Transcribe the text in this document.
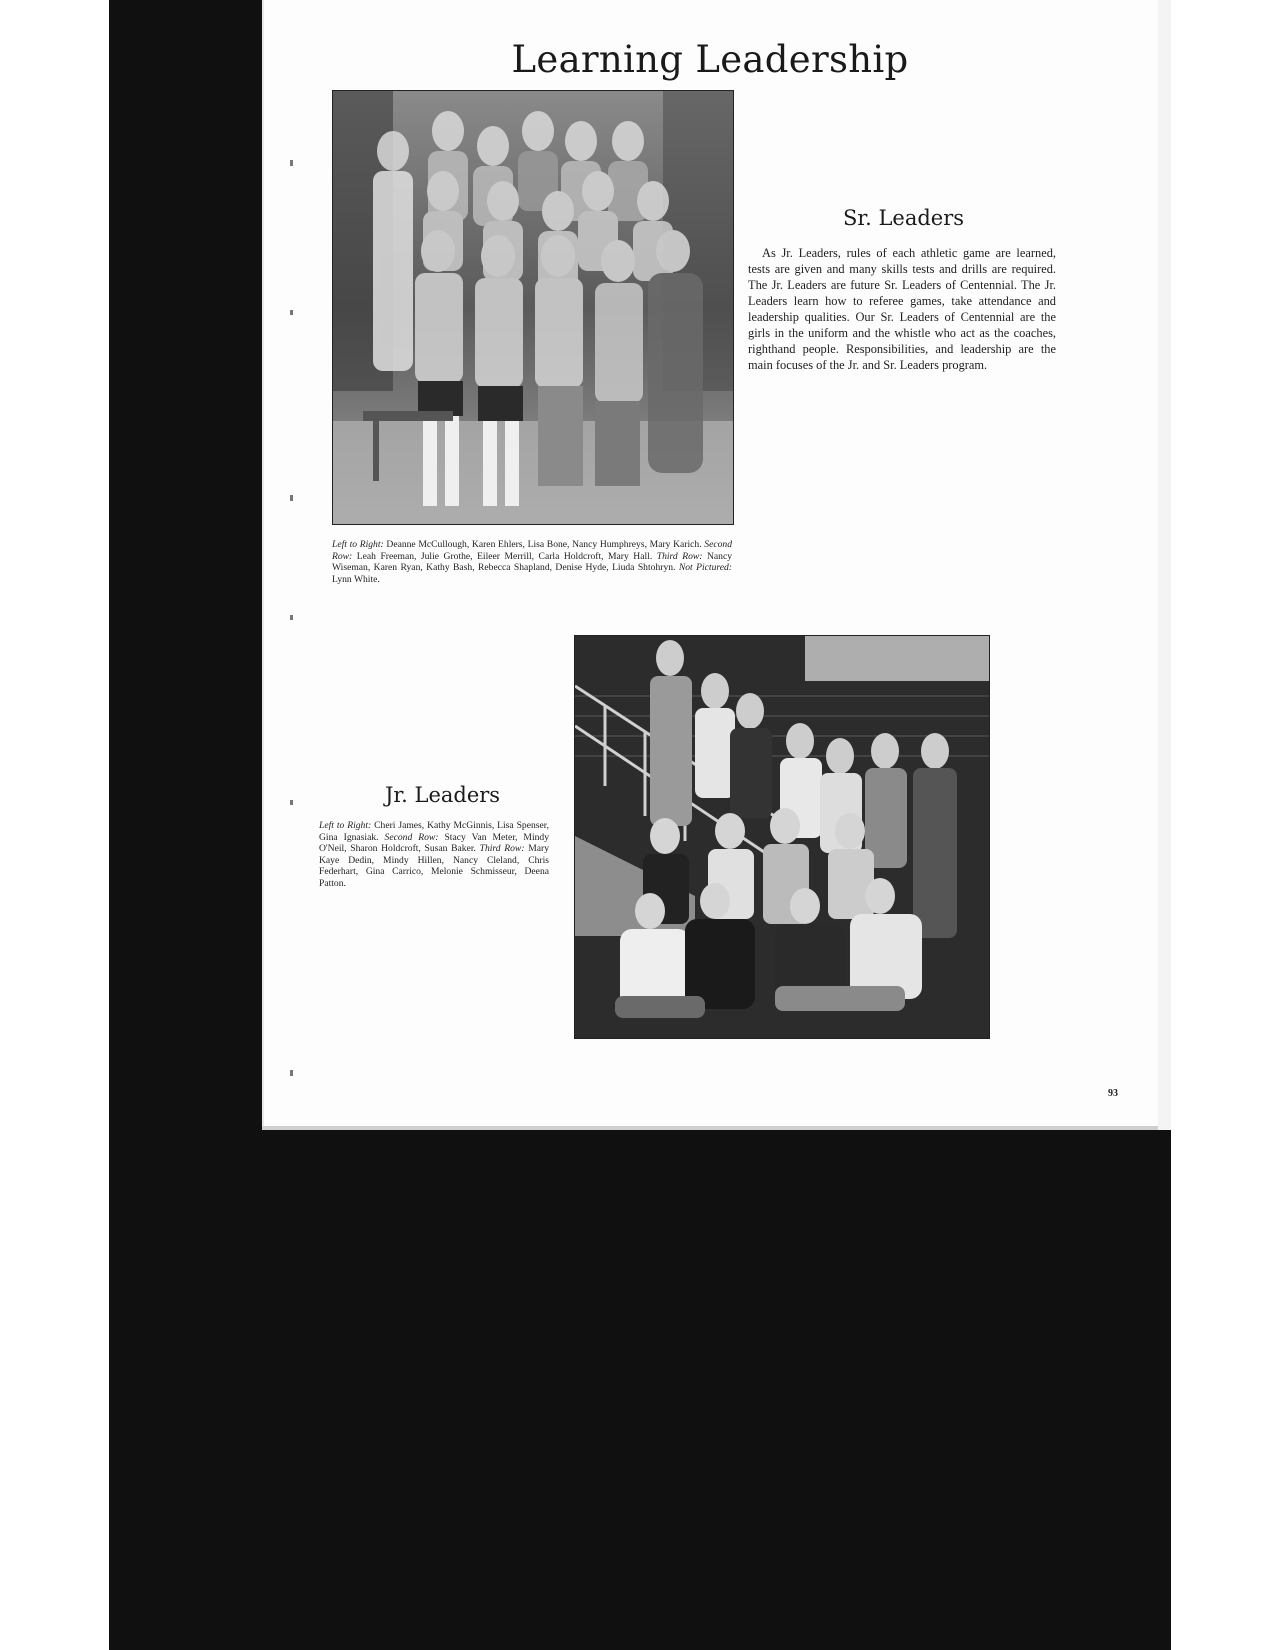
Learning Leadership
Left to Right: Deanne McCullough, Karen Ehlers, Lisa Bone, Nancy Humphreys, Mary Karich. Second Row: Leah Freeman, Julie Grothe, Eileer Merrill, Carla Holdcroft, Mary Hall. Third Row: Nancy Wiseman, Karen Ryan, Kathy Bash, Rebecca Shapland, Denise Hyde, Liuda Shtohryn. Not Pictured: Lynn White.
Sr. Leaders
As Jr. Leaders, rules of each athletic game are learned, tests are given and many skills tests and drills are required. The Jr. Leaders are future Sr. Leaders of Centennial. The Jr. Leaders learn how to referee games, take attendance and leadership qualities. Our Sr. Leaders of Centennial are the girls in the uniform and the whistle who act as the coaches, righthand people. Responsibilities, and leadership are the main focuses of the Jr. and Sr. Leaders program.
Jr. Leaders
Left to Right: Cheri James, Kathy McGinnis, Lisa Spenser, Gina Ignasiak. Second Row: Stacy Van Meter, Mindy O'Neil, Sharon Holdcroft, Susan Baker. Third Row: Mary Kaye Dedin, Mindy Hillen, Nancy Cleland, Chris Federhart, Gina Carrico, Melonie Schmisseur, Deena Patton.
93
